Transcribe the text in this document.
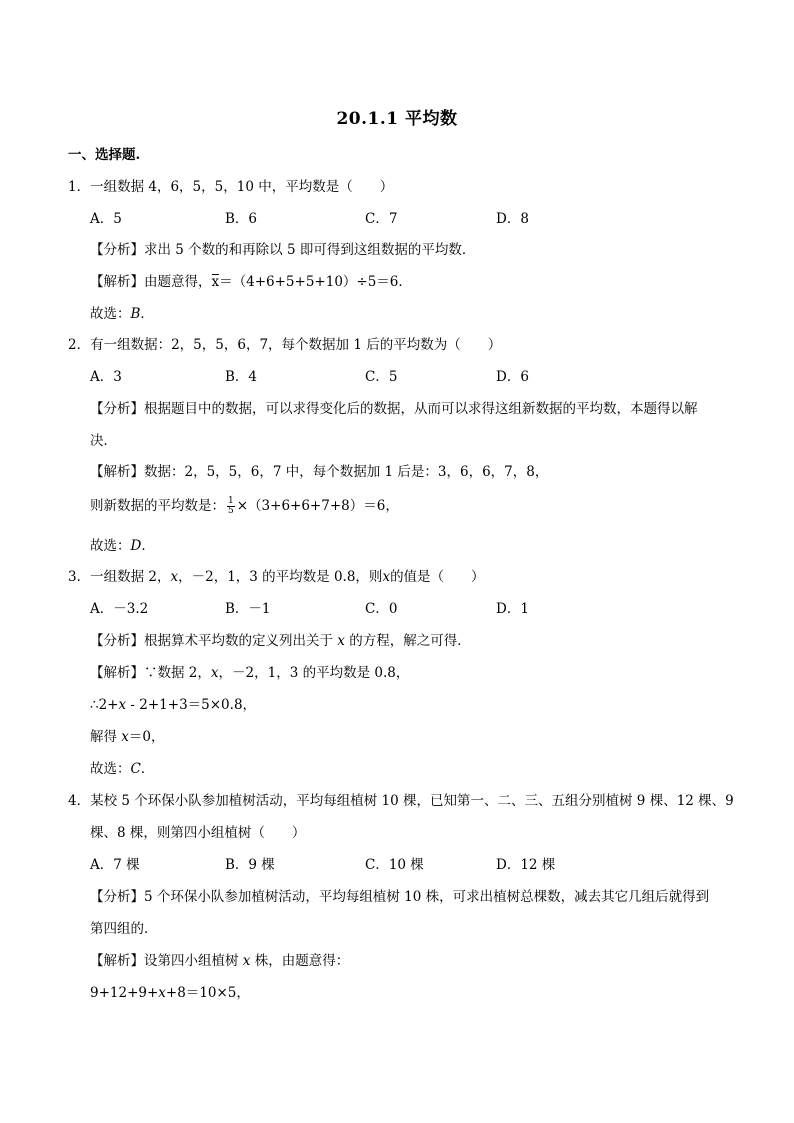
20.1.1 平均数
一、选择题.
1．一组数据 4，6，5，5，10 中，平均数是（　　）
A．5	B．6	C．7	D．8
【分析】求出 5 个数的和再除以 5 即可得到这组数据的平均数．
【解析】由题意得，
x＝（4+6+5+5+10）÷5＝6．
故选：B．
2．有一组数据：2，5，5，6，7，每个数据加 1 后的平均数为（　　）
A．3	B．4	C．5	D．6
【分析】根据题目中的数据，可以求得变化后的数据，从而可以求得这组新数据的平均数，本题得以解
决．
【解析】数据：2，5，5，6，7 中，每个数据加 1 后是：3，6，6，7，8，
则新数据的平均数是： $\frac{1}{5} \times(3+6+6+7+8)=6$，
故选：D．
3．一组数据 2，x，－2，1，3 的平均数是 0.8，则x的值是（　　）
A．－3.2	B．－1	C．0	D．1
【分析】根据算术平均数的定义列出关于 x 的方程，解之可得．
【解析】∵数据 2，x，－2，1，3 的平均数是 0.8，
∴2+x - 2+1+3＝5×0.8，
解得 x＝0，
故选：C．
4．某校 5 个环保小队参加植树活动，平均每组植树 10 棵，已知第一、二、三、五组分别植树 9 棵、12 棵、9
棵、8 棵，则第四小组植树（　　）
A．7 棵	B．9 棵	C．10 棵	D．12 棵
【分析】5 个环保小队参加植树活动，平均每组植树 10 株，可求出植树总棵数，减去其它几组后就得到
第四组的．
【解析】设第四小组植树 x 株，由题意得：
9+12+9+x+8＝10×5，
